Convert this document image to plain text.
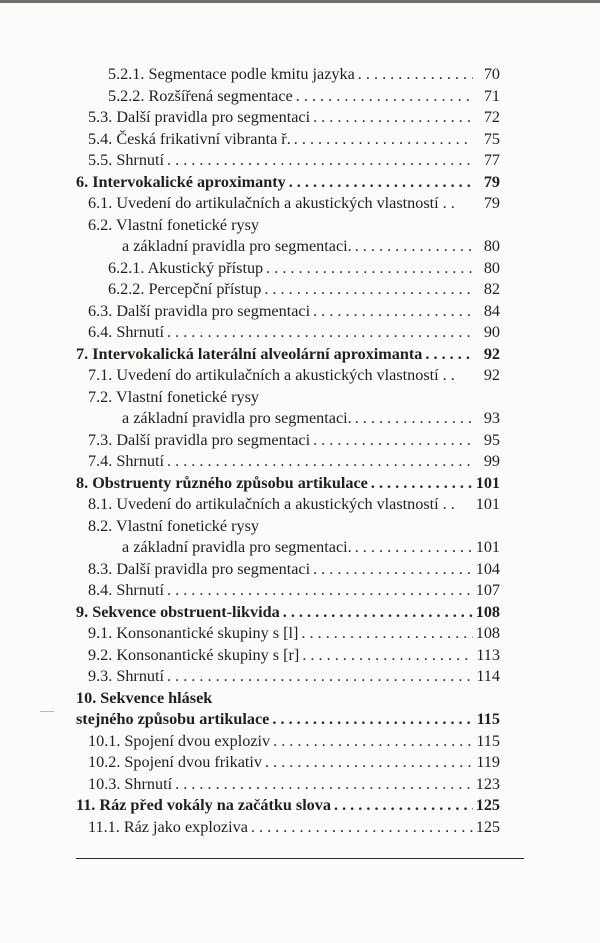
5.2.1. Segmentace podle kmitu jazyka . . .	70
5.2.2. Rozšířená segmentace . . .	71
5.3. Další pravidla pro segmentaci . . .	72
5.4. Česká frikativní vibranta ř. . . .	75
5.5. Shrnutí . . .	77
6. Intervokalické aproximanty . . .	79
6.1. Uvedení do artikulačních a akustických vlastností . .	79
6.2. Vlastní fonetické rysy
a základní pravidla pro segmentaci. . . .	80
6.2.1. Akustický přístup . . .	80
6.2.2. Percepční přístup . . .	82
6.3. Další pravidla pro segmentaci . . .	84
6.4. Shrnutí . . .	90
7. Intervokalická laterální alveolární aproximanta . . .	92
7.1. Uvedení do artikulačních a akustických vlastností . .	92
7.2. Vlastní fonetické rysy
a základní pravidla pro segmentaci. . . .	93
7.3. Další pravidla pro segmentaci . . .	95
7.4. Shrnutí . . .	99
8. Obstruenty různého způsobu artikulace . . .	101
8.1. Uvedení do artikulačních a akustických vlastností . . 101
8.2. Vlastní fonetické rysy
a základní pravidla pro segmentaci. . . .	101
8.3. Další pravidla pro segmentaci . . .	104
8.4. Shrnutí . . .	107
9. Sekvence obstruent-likvida . . .	108
9.1. Konsonantické skupiny s [l] . . .	108
9.2. Konsonantické skupiny s [r] . . .	113
9.3. Shrnutí . . .	114
10. Sekvence hlásek
stejného způsobu artikulace . . .	115
10.1. Spojení dvou exploziv . . .	115
10.2. Spojení dvou frikativ . . .	119
10.3. Shrnutí . . .	123
11. Ráz před vokály na začátku slova . . .	125
11.1. Ráz jako exploziva . . .	125
